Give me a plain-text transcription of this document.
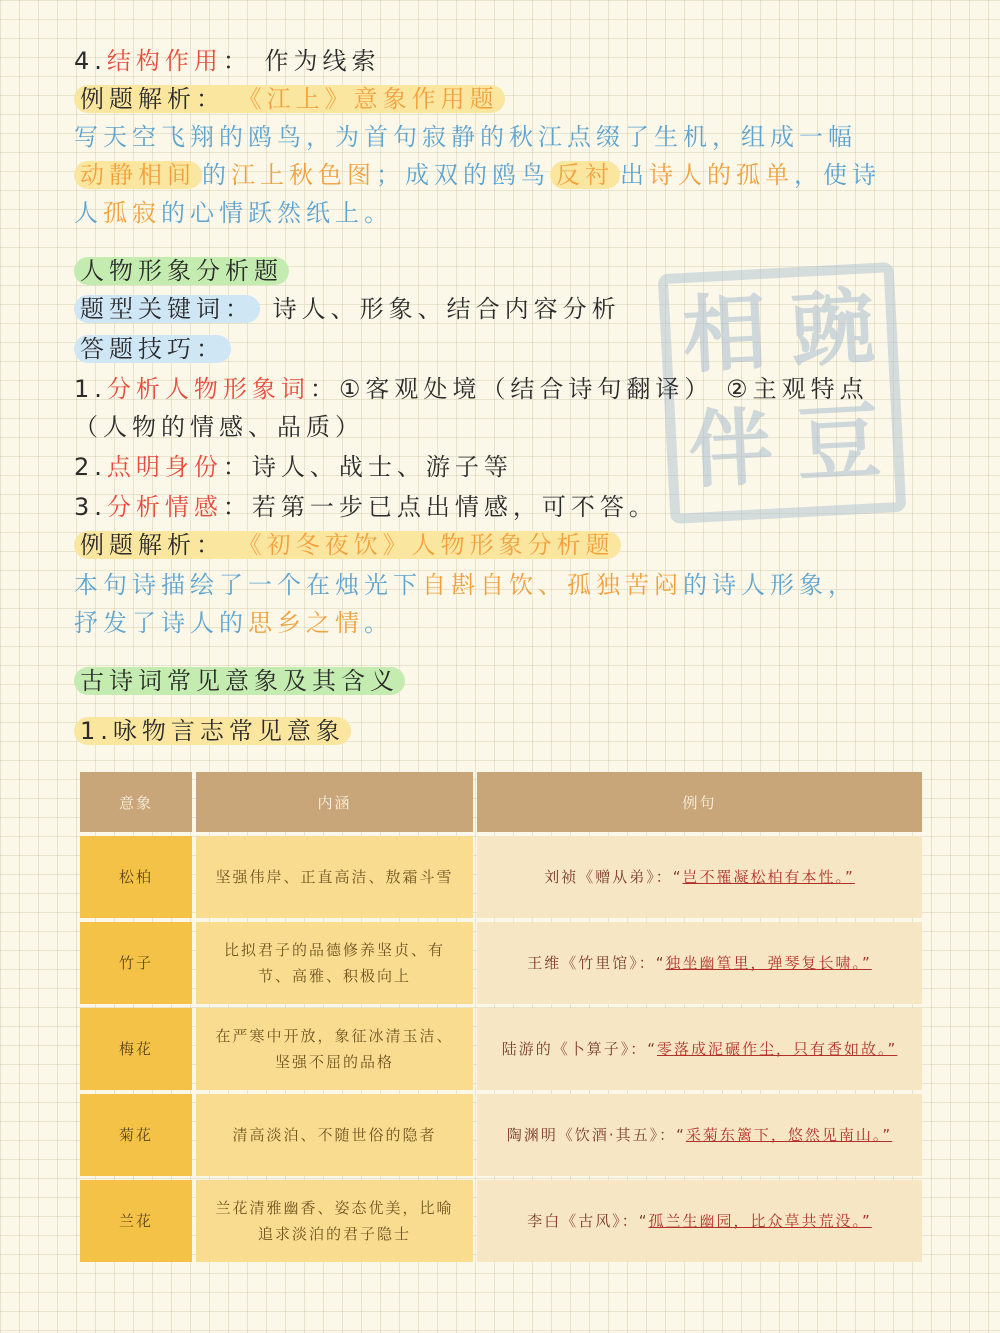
相 豌
伴 豆
4.结构作用： 作为线索
例题解析： 《江上》意象作用题
写天空飞翔的鸥鸟，为首句寂静的秋江点缀了生机，组成一幅
动静相间 的江上秋色图；成双的鸥鸟 反衬 出诗人的孤单，使诗
人孤寂的心情跃然纸上。
人物形象分析题
题型关键词： 诗人、形象、结合内容分析
答题技巧：
1.分析人物形象词：①客观处境（结合诗句翻译） ②主观特点
（人物的情感、品质）
2.点明身份：诗人、战士、游子等
3.分析情感：若第一步已点出情感，可不答。
例题解析： 《初冬夜饮》人物形象分析题
本句诗描绘了一个在烛光下自斟自饮、孤独苦闷的诗人形象，
抒发了诗人的思乡之情。
古诗词常见意象及其含义
1.咏物言志常见意象
意象	内涵	例句
松柏	坚强伟岸、正直高洁、敖霜斗雪	刘祯《赠从弟》：“岂不罹凝松柏有本性。”
竹子	比拟君子的品德修养坚贞、有节、高雅、积极向上	王维《竹里馆》：“独坐幽篁里，弹琴复长啸。”
梅花	在严寒中开放，象征冰清玉洁、坚强不屈的品格	陆游的《卜算子》：“零落成泥碾作尘，只有香如故。”
菊花	清高淡泊、不随世俗的隐者	陶渊明《饮酒·其五》：“采菊东篱下，悠然见南山。”
兰花	兰花清雅幽香、姿态优美，比喻追求淡泊的君子隐士	李白《古风》：“孤兰生幽园，比众草共荒没。”
